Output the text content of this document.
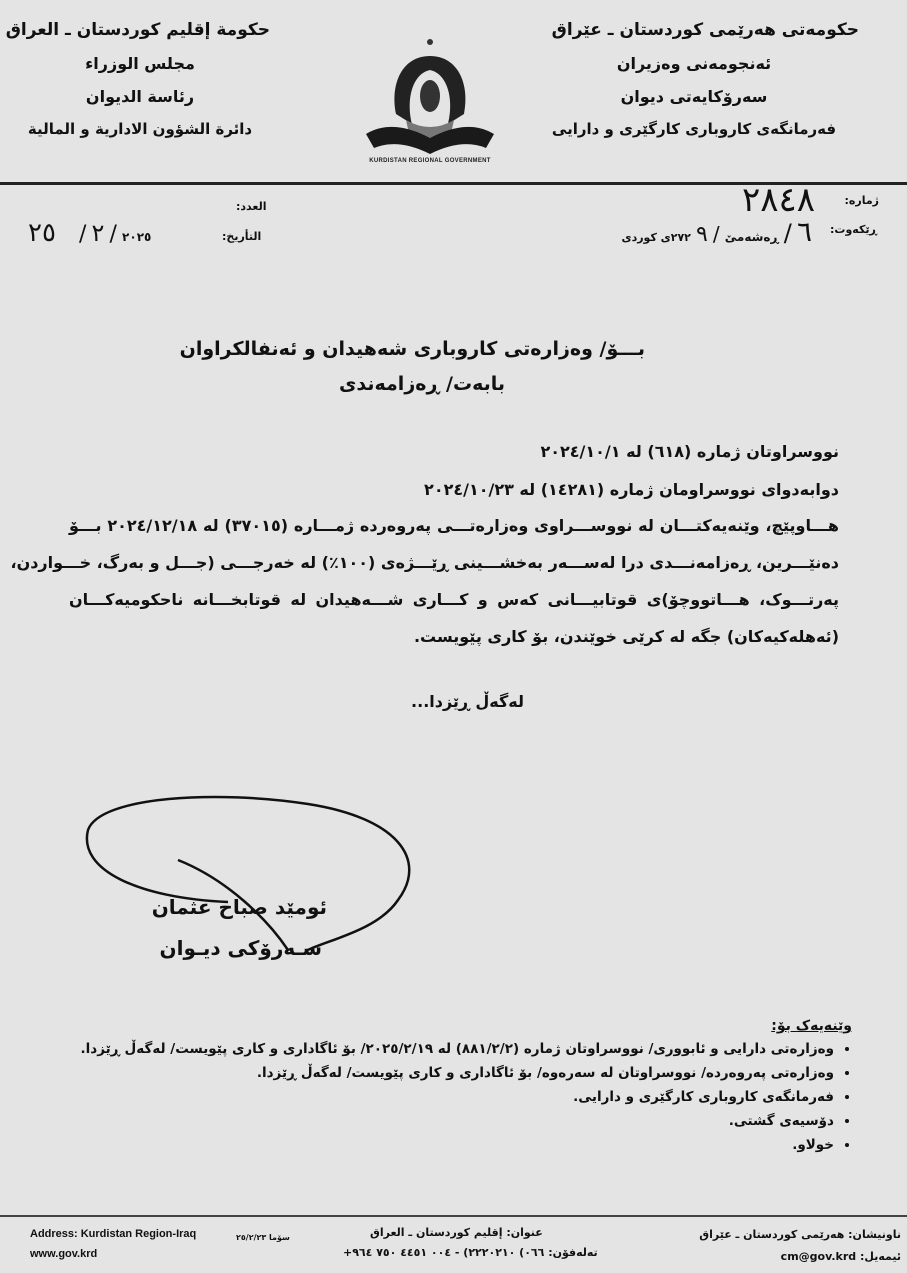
حکومەتی هەرێمی کوردستان ـ عێراق
ئەنجومەنی وەزیران
سەرۆکایەتی دیوان
فەرمانگەی کاروباری کارگێری و دارایی
حكومة إقليم كوردستان ـ العراق
مجلس الوزراء
رئاسة الديوان
دائرة الشؤون الادارية و المالية
KURDISTAN REGIONAL GOVERNMENT
ژمارە:
٢٨٤٨
ڕێکەوت:
٦ / ڕەشەمێ / ٩ ٢٧٢ی کوردی
العدد:
التأريخ:
٢٠٢٥ / ٢ / ٢٥
بـــۆ/ وەزارەتی کاروباری شەهیدان و ئەنفالکراوان
بابەت/ ڕەزامەندی
نووسراوتان ژمارە (٦١٨) لە ٢٠٢٤/١٠/١
دوابەدوای نووسراومان ژمارە (١٤٢٨١) لە ٢٠٢٤/١٠/٢٣
هـــاوپێچ، وێنەیەکتـــان لە نووســـراوی وەزارەتـــی پەروەردە ژمـــارە (٣٧٠١٥) لە ٢٠٢٤/١٢/١٨ بـــۆ
دەنێـــرین، ڕەزامەنـــدی درا لەســـەر بەخشـــینی ڕێـــژەی (١٠٠٪) لە خەرجـــی (جـــل و بەرگ، خـــواردن،
پەرتـــوک، هـــاتووچۆ)ی قوتابیـــانی کەس و کـــاری شـــەهیدان لە قوتابخـــانە ناحکومیەکـــان
(ئەهلەکیەکان) جگە لە کرێی خوێندن، بۆ کاری پێویست.
لەگەڵ ڕێزدا...
ئومێد صباح عثمان
سـەرۆکی دیـوان
وێنەیەک بۆ:
• وەزارەتی دارایی و ئابووری/ نووسراوتان ژمارە (٨٨١/٢/٢) لە ٢٠٢٥/٢/١٩/ بۆ ئاگاداری و کاری پێویست/ لەگەڵ ڕێزدا.
• وەزارەتی پەروەردە/ نووسراوتان لە سەرەوە/ بۆ ئاگاداری و کاری پێویست/ لەگەڵ ڕێزدا.
• فەرمانگەی کاروباری کارگێری و دارایی.
• دۆسیەی گشتی.
• خولاو.
ناونیشان: هەرێمی کوردستان ـ عێراق
ئیمەیل: cm@gov.krd
عنوان: إقليم كوردستان ـ العراق
تەلەفۆن: ٠٦٦) ٢٢٢٠٢١٠) - ٠٠٤ ٤٤٥١ ٧٥٠ ٩٦٤+
سۆما ٢٥/٢/٢٣
Address: Kurdistan Region-Iraq
www.gov.krd
